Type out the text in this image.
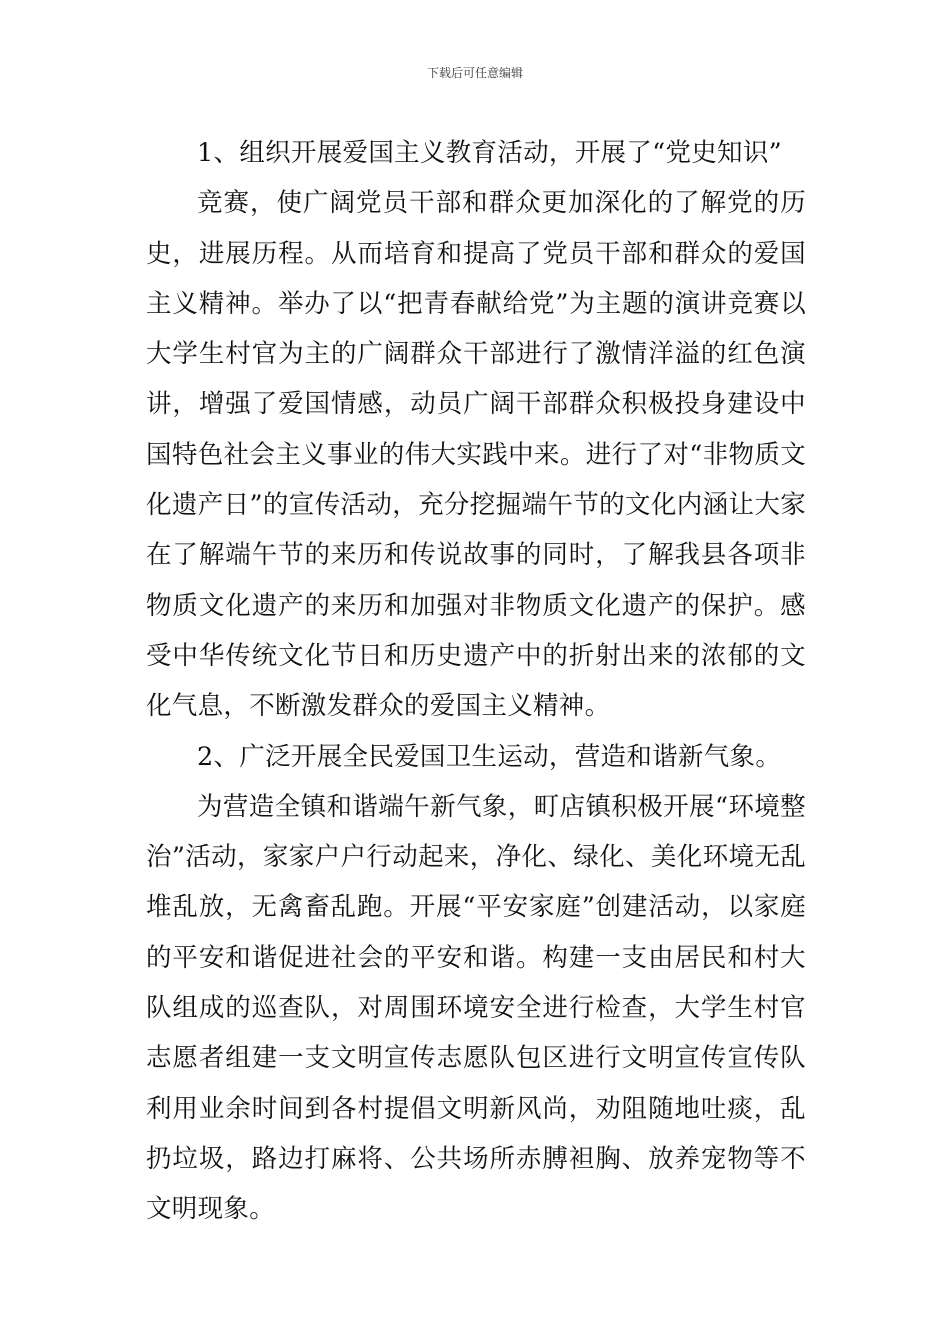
下载后可任意编辑

1、组织开展爱国主义教育活动，开展了“党史知识”

竞赛，使广阔党员干部和群众更加深化的了解党的历史，进展历程。从而培育和提高了党员干部和群众的爱国主义精神。举办了以“把青春献给党”为主题的演讲竞赛以大学生村官为主的广阔群众干部进行了激情洋溢的红色演讲，增强了爱国情感，动员广阔干部群众积极投身建设中国特色社会主义事业的伟大实践中来。进行了对“非物质文化遗产日”的宣传活动，充分挖掘端午节的文化内涵让大家在了解端午节的来历和传说故事的同时，了解我县各项非物质文化遗产的来历和加强对非物质文化遗产的保护。感受中华传统文化节日和历史遗产中的折射出来的浓郁的文化气息，不断激发群众的爱国主义精神。

2、广泛开展全民爱国卫生运动，营造和谐新气象。

为营造全镇和谐端午新气象，町店镇积极开展“环境整治”活动，家家户户行动起来，净化、绿化、美化环境无乱堆乱放，无禽畜乱跑。开展“平安家庭”创建活动，以家庭的平安和谐促进社会的平安和谐。构建一支由居民和村大队组成的巡查队，对周围环境安全进行检查，大学生村官志愿者组建一支文明宣传志愿队包区进行文明宣传宣传队利用业余时间到各村提倡文明新风尚，劝阻随地吐痰，乱扔垃圾，路边打麻将、公共场所赤膊袒胸、放养宠物等不文明现象。
